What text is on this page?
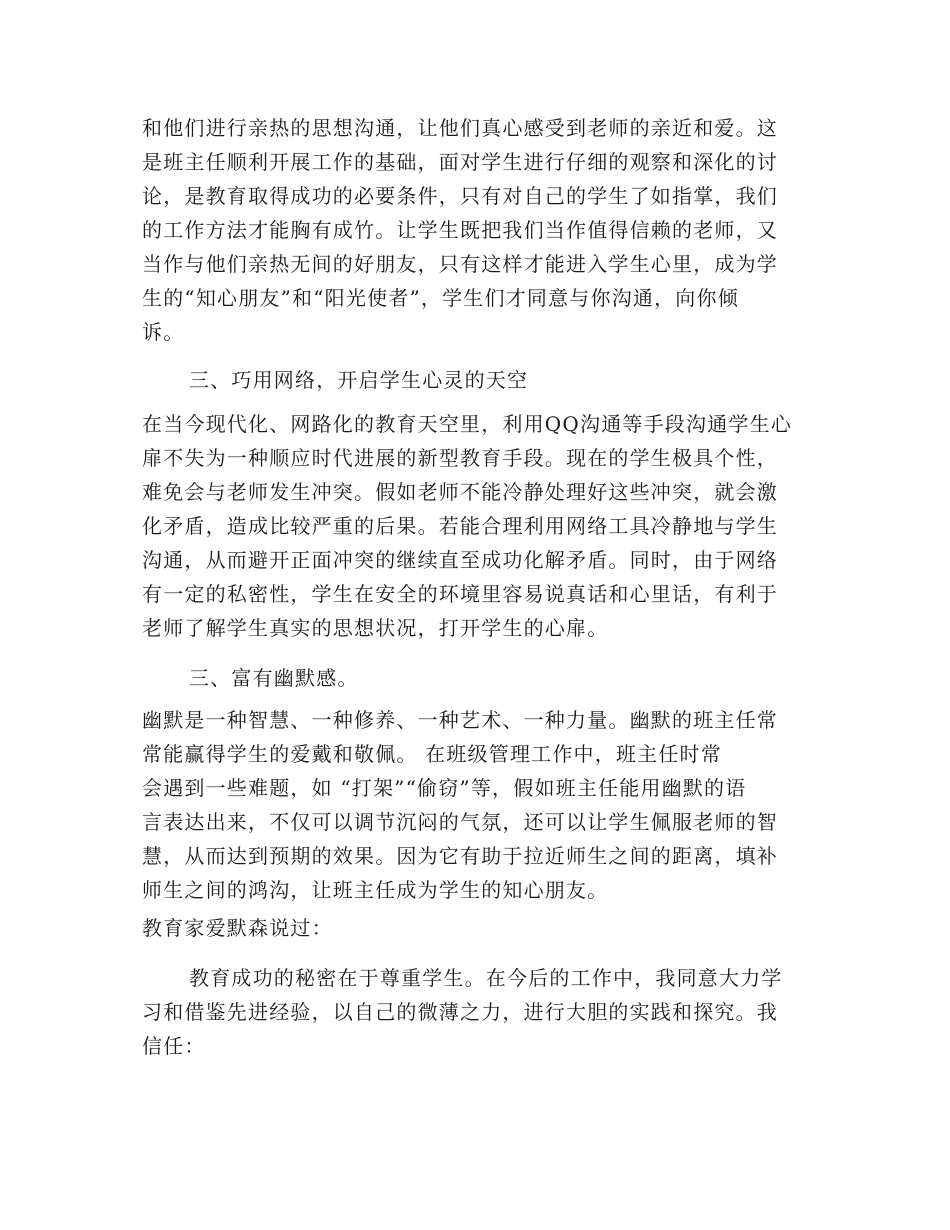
和他们进行亲热的思想沟通，让他们真心感受到老师的亲近和爱。这
是班主任顺利开展工作的基础，面对学生进行仔细的观察和深化的讨
论，是教育取得成功的必要条件，只有对自己的学生了如指掌，我们
的工作方法才能胸有成竹。让学生既把我们当作值得信赖的老师，又
当作与他们亲热无间的好朋友，只有这样才能进入学生心里，成为学
生的“知心朋友”和“阳光使者”，学生们才同意与你沟通，向你倾
诉。
三、巧用网络，开启学生心灵的天空
在当今现代化、网路化的教育天空里，利用QQ沟通等手段沟通学生心
扉不失为一种顺应时代进展的新型教育手段。现在的学生极具个性，
难免会与老师发生冲突。假如老师不能冷静处理好这些冲突，就会激
化矛盾，造成比较严重的后果。若能合理利用网络工具冷静地与学生
沟通，从而避开正面冲突的继续直至成功化解矛盾。同时，由于网络
有一定的私密性，学生在安全的环境里容易说真话和心里话，有利于
老师了解学生真实的思想状况，打开学生的心扉。
三、富有幽默感。
幽默是一种智慧、一种修养、一种艺术、一种力量。幽默的班主任常
常能赢得学生的爱戴和敬佩。 在班级管理工作中，班主任时常
会遇到一些难题，如 “打架”“偷窃”等，假如班主任能用幽默的语
言表达出来，不仅可以调节沉闷的气氛，还可以让学生佩服老师的智
慧，从而达到预期的效果。因为它有助于拉近师生之间的距离，填补
师生之间的鸿沟，让班主任成为学生的知心朋友。
教育家爱默森说过：
教育成功的秘密在于尊重学生。在今后的工作中，我同意大力学
习和借鉴先进经验，以自己的微薄之力，进行大胆的实践和探究。我
信任：
